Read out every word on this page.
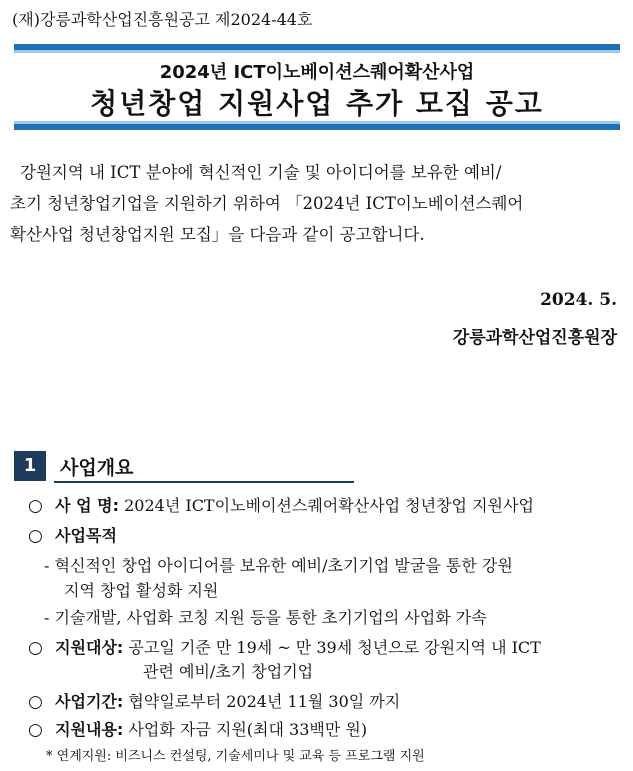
(재)강릉과학산업진흥원공고 제2024-44호
2024년 ICT이노베이션스퀘어확산사업
청년창업 지원사업 추가 모집 공고

강원지역 내 ICT 분야에 혁신적인 기술 및 아이디어를 보유한 예비/

초기 청년창업기업을 지원하기 위하여 「2024년 ICT이노베이션스퀘어

확산사업 청년창업지원 모집」을 다음과 같이 공고합니다.

2024. 5.
강릉과학산업진흥원장
1	사업개요
○ 사 업 명: 2024년 ICT이노베이션스퀘어확산사업 청년창업 지원사업
○ 사업목적
- 혁신적인 창업 아이디어를 보유한 예비/초기기업 발굴을 통한 강원
지역 창업 활성화 지원
- 기술개발, 사업화 코칭 지원 등을 통한 초기기업의 사업화 가속
○ 지원대상: 공고일 기준 만 19세 ~ 만 39세 청년으로 강원지역 내 ICT
관련 예비/초기 창업기업
○ 사업기간: 협약일로부터 2024년 11월 30일 까지
○ 지원내용: 사업화 자금 지원(최대 33백만 원)
* 연계지원: 비즈니스 컨설팅, 기술세미나 및 교육 등 프로그램 지원
